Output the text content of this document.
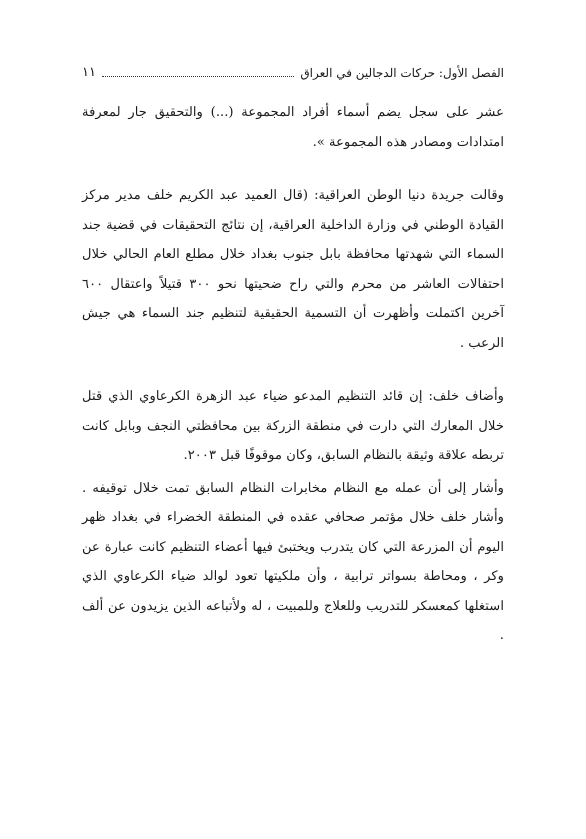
الفصل الأول: حركات الدجالين في العراق
١١

عشر على سجل يضم أسماء أفراد المجموعة (...) والتحقيق جار لمعرفة امتدادات ومصادر هذه المجموعة ».

وقالت جريدة دنيا الوطن العراقية: (قال العميد عبد الكريم خلف مدير مركز القيادة الوطني في وزارة الداخلية العراقية، إن نتائج التحقيقات في قضية جند السماء التي شهدتها محافظة بابل جنوب بغداد خلال مطلع العام الحالي خلال احتفالات العاشر من محرم والتي راح ضحيتها نحو ٣٠٠ قتيلاً واعتقال ٦٠٠ آخرين اكتملت وأظهرت أن التسمية الحقيقية لتنظيم جند السماء هي جيش الرعب .

وأضاف خلف: إن قائد التنظيم المدعو ضياء عبد الزهرة الكرعاوي الذي قتل خلال المعارك التي دارت في منطقة الزركة بين محافظتي النجف وبابل كانت تربطه علاقة وثيقة بالنظام السابق، وكان موقوفًا قبل ٢٠٠٣.

وأشار إلى أن عمله مع النظام مخابرات النظام السابق تمت خلال توقيفه . وأشار خلف خلال مؤتمر صحافي عقده في المنطقة الخضراء في بغداد ظهر اليوم أن المزرعة التي كان يتدرب ويختبئ فيها أعضاء التنظيم كانت عبارة عن وكر ، ومحاطة بسواتر ترابية ، وأن ملكيتها تعود لوالد ضياء الكرعاوي الذي استغلها كمعسكر للتدريب وللعلاج وللمبيت ، له ولأتباعه الذين يزيدون عن ألف .
